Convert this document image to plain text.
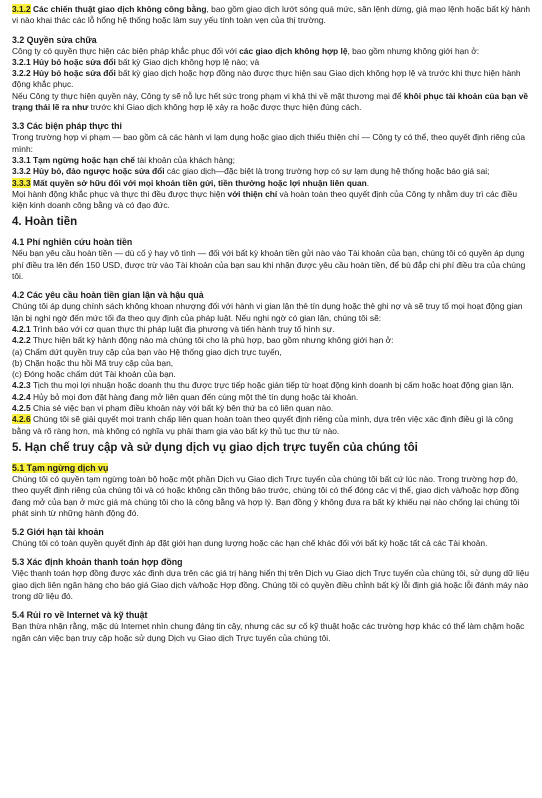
3.1.2 Các chiến thuật giao dịch không công bằng, bao gồm giao dịch lướt sóng quá mức, săn lệnh dừng, giả mạo lệnh hoặc bất kỳ hành vi nào khai thác các lỗ hổng hệ thống hoặc làm suy yếu tính toàn vẹn của thị trường.

3.2 Quyền sửa chữa

Công ty có quyền thực hiện các biện pháp khắc phục đối với các giao dịch không hợp lệ, bao gồm nhưng không giới hạn ở:

3.2.1 Hủy bỏ hoặc sửa đổi bất kỳ Giao dịch không hợp lệ nào; và

3.2.2 Hủy bỏ hoặc sửa đổi bất kỳ giao dịch hoặc hợp đồng nào được thực hiện sau Giao dịch không hợp lệ và trước khi thực hiện hành động khắc phục.

Nếu Công ty thực hiện quyền này, Công ty sẽ nỗ lực hết sức trong phạm vi khả thi về mặt thương mại để khôi phục tài khoản của bạn về trạng thái lẽ ra như trước khi Giao dịch không hợp lệ xảy ra hoặc được thực hiện đúng cách.

3.3 Các biện pháp thực thi

Trong trường hợp vi phạm — bao gồm cả các hành vi lạm dụng hoặc giao dịch thiếu thiện chí — Công ty có thể, theo quyết định riêng của mình:

3.3.1 Tạm ngừng hoặc hạn chế tài khoản của khách hàng;

3.3.2 Hủy bỏ, đảo ngược hoặc sửa đổi các giao dịch—đặc biệt là trong trường hợp có sự lạm dụng hệ thống hoặc báo giá sai;

3.3.3 Mất quyền sở hữu đối với mọi khoản tiền gửi, tiền thưởng hoặc lợi nhuận liên quan.

Mọi hành động khắc phục và thực thi đều được thực hiện với thiện chí và hoàn toàn theo quyết định của Công ty nhằm duy trì các điều kiện kinh doanh công bằng và có đạo đức.

4. Hoàn tiền

4.1 Phí nghiên cứu hoàn tiền

Nếu bạn yêu cầu hoàn tiền — dù cố ý hay vô tình — đối với bất kỳ khoản tiền gửi nào vào Tài khoản của bạn, chúng tôi có quyền áp dụng phí điều tra lên đến 150 USD, được trừ vào Tài khoản của bạn sau khi nhận được yêu cầu hoàn tiền, để bù đắp chi phí điều tra của chúng tôi.

4.2 Các yêu cầu hoàn tiền gian lận và hậu quả

Chúng tôi áp dụng chính sách không khoan nhượng đối với hành vi gian lận thẻ tín dụng hoặc thẻ ghi nợ và sẽ truy tố mọi hoạt động gian lận bị nghi ngờ đến mức tối đa theo quy định của pháp luật. Nếu nghi ngờ có gian lận, chúng tôi sẽ:

4.2.1 Trình báo với cơ quan thực thi pháp luật địa phương và tiến hành truy tố hình sự.

4.2.2 Thực hiện bất kỳ hành động nào mà chúng tôi cho là phù hợp, bao gồm nhưng không giới hạn ở:

(a) Chấm dứt quyền truy cập của bạn vào Hệ thống giao dịch trực tuyến,

(b) Chặn hoặc thu hồi Mã truy cập của bạn,

(c) Đóng hoặc chấm dứt Tài khoản của bạn.

4.2.3 Tịch thu mọi lợi nhuận hoặc doanh thu thu được trực tiếp hoặc gián tiếp từ hoạt động kinh doanh bị cấm hoặc hoạt động gian lận.

4.2.4 Hủy bỏ mọi đơn đặt hàng đang mở liên quan đến cùng một thẻ tín dụng hoặc tài khoản.

4.2.5 Chia sẻ việc bạn vi phạm điều khoản này với bất kỳ bên thứ ba có liên quan nào.

4.2.6 Chúng tôi sẽ giải quyết mọi tranh chấp liên quan hoàn toàn theo quyết định riêng của mình, dựa trên việc xác định điều gì là công bằng và rõ ràng hơn, mà không có nghĩa vụ phải tham gia vào bất kỳ thủ tục thư từ nào.

5. Hạn chế truy cập và sử dụng dịch vụ giao dịch trực tuyến của chúng tôi

5.1 Tạm ngừng dịch vụ

Chúng tôi có quyền tạm ngừng toàn bộ hoặc một phần Dịch vụ Giao dịch Trực tuyến của chúng tôi bất cứ lúc nào. Trong trường hợp đó, theo quyết định riêng của chúng tôi và có hoặc không cần thông báo trước, chúng tôi có thể đóng các vị thế, giao dịch và/hoặc hợp đồng đang mở của bạn ở mức giá mà chúng tôi cho là công bằng và hợp lý. Bạn đồng ý không đưa ra bất kỳ khiếu nại nào chống lại chúng tôi phát sinh từ những hành động đó.

5.2 Giới hạn tài khoản

Chúng tôi có toàn quyền quyết định áp đặt giới hạn dung lượng hoặc các hạn chế khác đối với bất kỳ hoặc tất cả các Tài khoản.

5.3 Xác định khoản thanh toán hợp đồng

Việc thanh toán hợp đồng được xác định dựa trên các giá trị hàng hiển thị trên Dịch vụ Giao dịch Trực tuyến của chúng tôi, sử dụng dữ liệu giao dịch liên ngân hàng cho báo giá Giao dịch và/hoặc Hợp đồng. Chúng tôi có quyền điều chỉnh bất kỳ lỗi định giá hoặc lỗi đánh máy nào trong dữ liệu đó.

5.4 Rủi ro về Internet và kỹ thuật

Bạn thừa nhận rằng, mặc dù Internet nhìn chung đáng tin cậy, nhưng các sự cố kỹ thuật hoặc các trường hợp khác có thể làm chậm hoặc ngăn cản việc bạn truy cập hoặc sử dụng Dịch vụ Giao dịch Trực tuyến của chúng tôi.
